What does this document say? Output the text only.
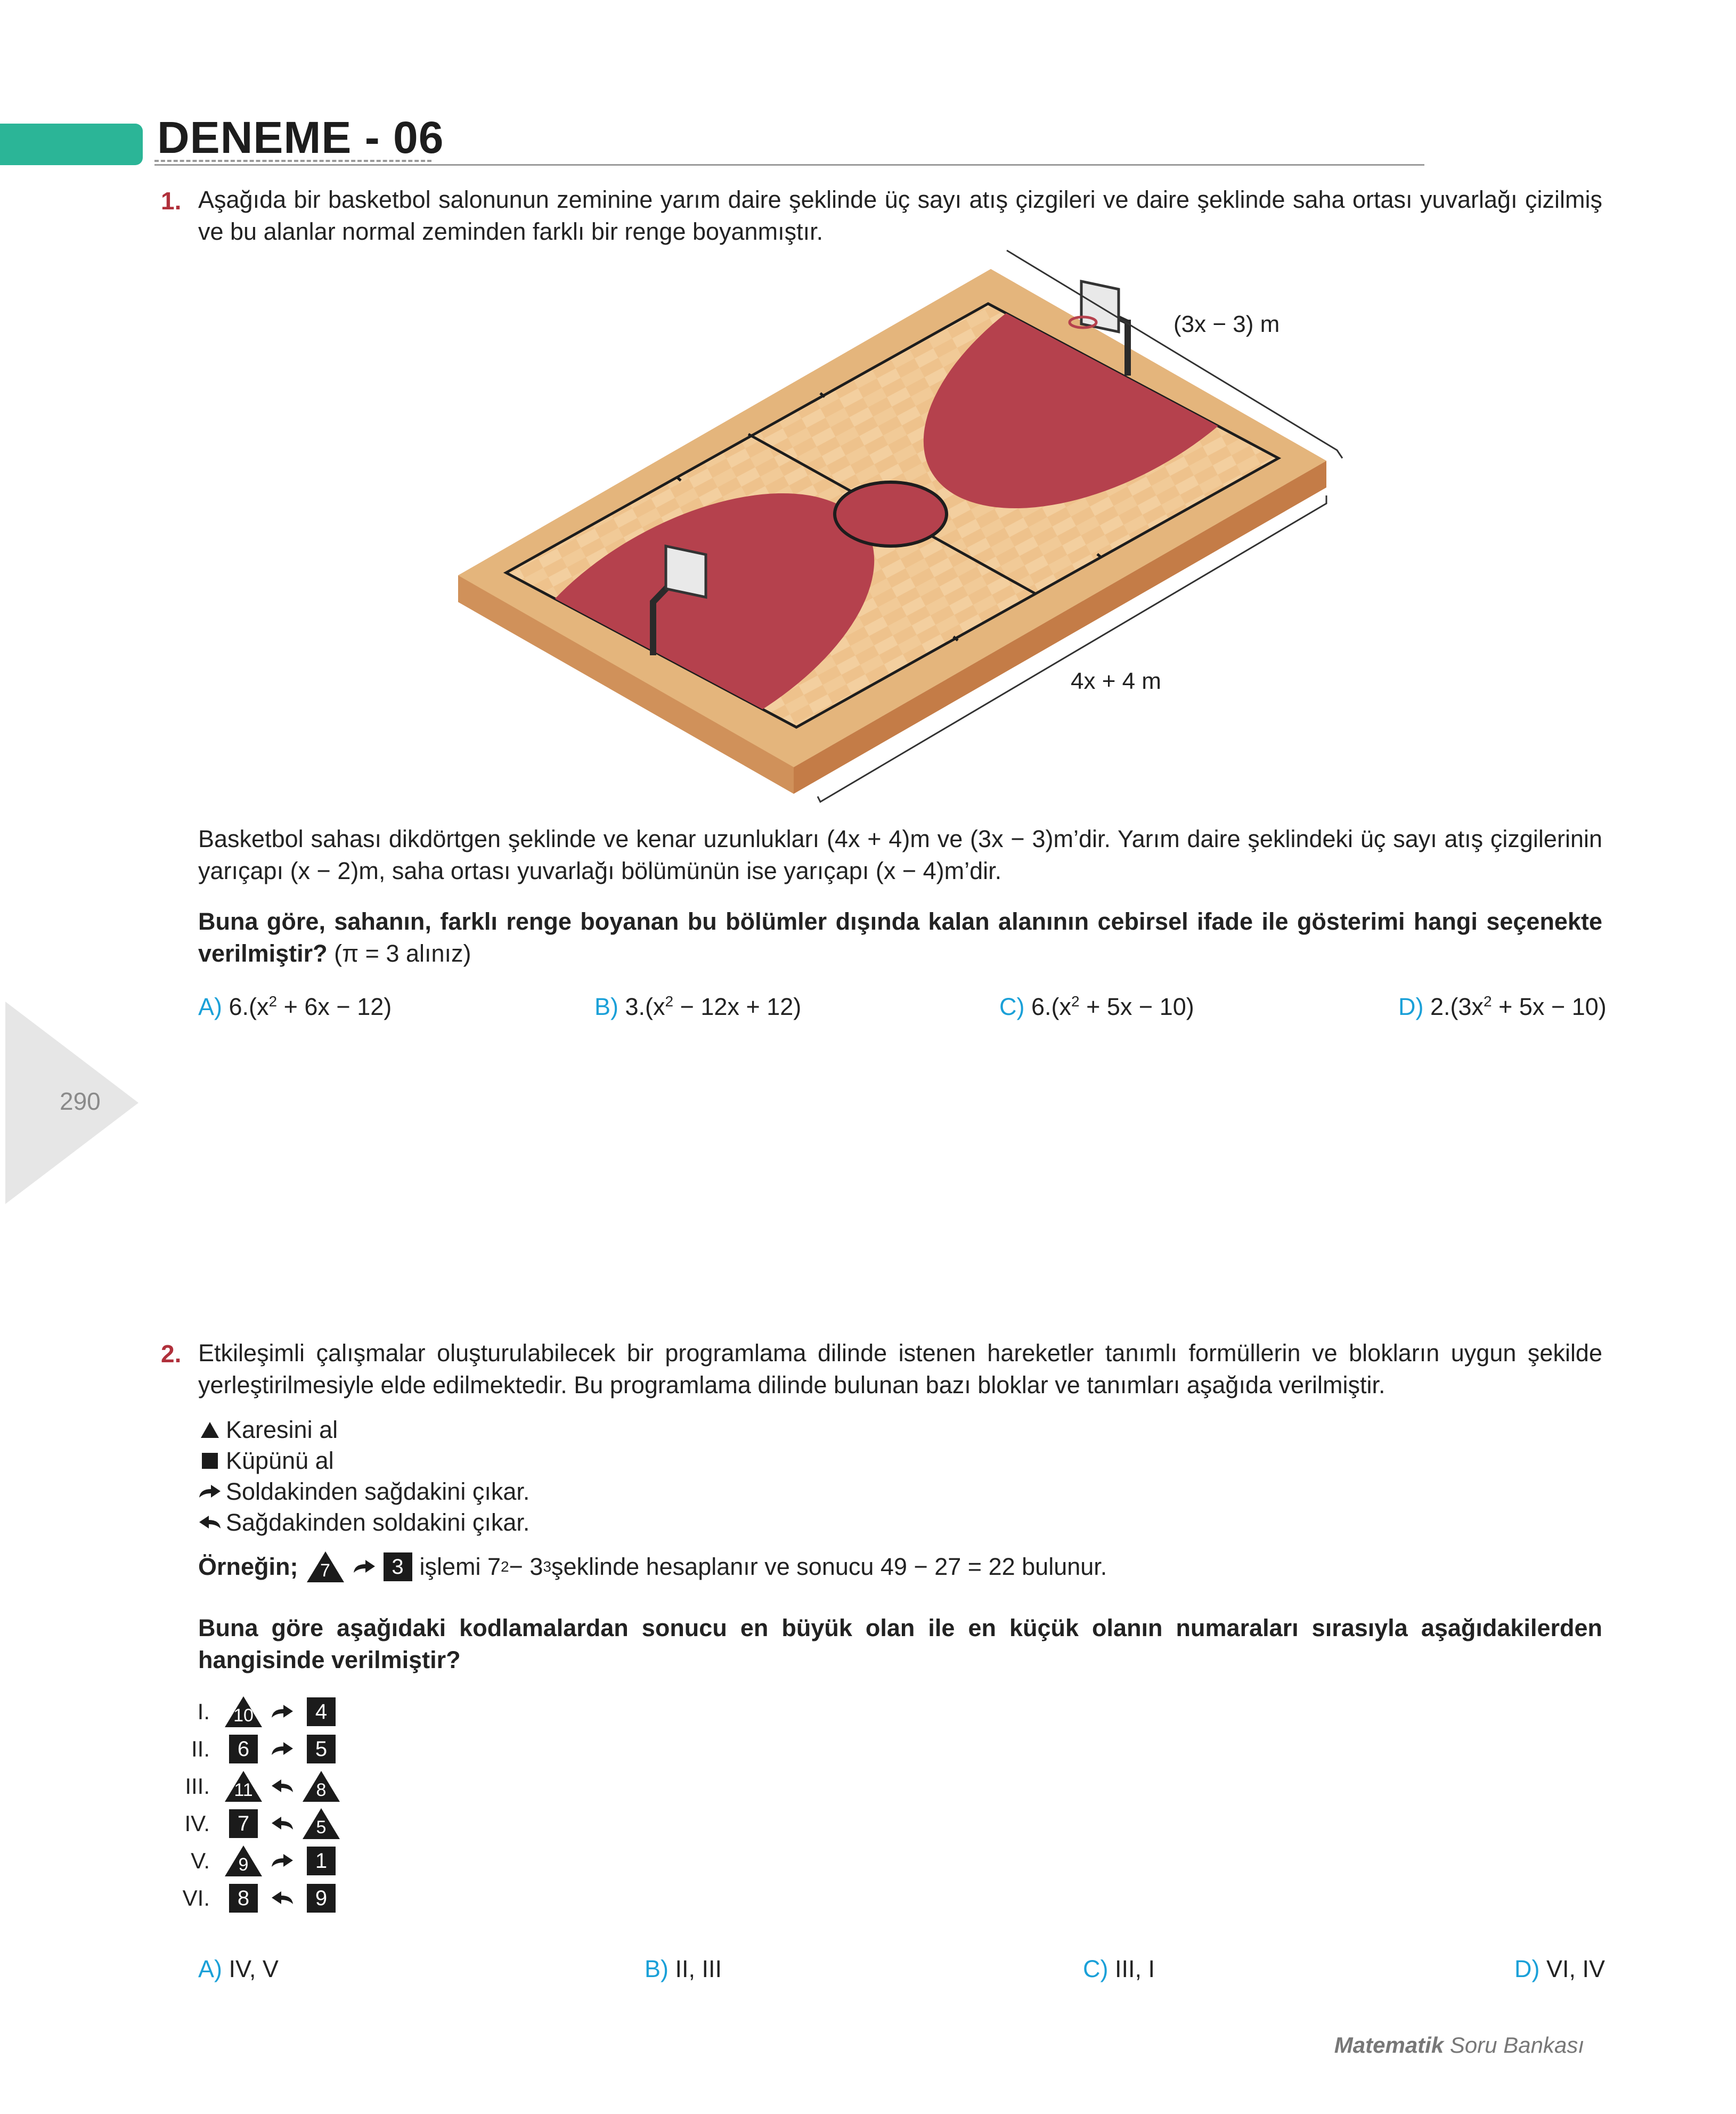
DENEME - 06
1. Aşağıda bir basketbol salonunun zeminine yarım daire şeklinde üç sayı atış çizgileri ve daire şeklinde saha ortası yuvarlağı çizilmiş ve bu alanlar normal zeminden farklı bir renge boyanmıştır.
(3x − 3) m
4x + 4 m
Basketbol sahası dikdörtgen şeklinde ve kenar uzunlukları (4x + 4)m ve (3x − 3)m’dir. Yarım daire şeklindeki üç sayı atış çizgilerinin yarıçapı (x − 2)m, saha ortası yuvarlağı bölümünün ise yarıçapı (x − 4)m’dir.
Buna göre, sahanın, farklı renge boyanan bu bölümler dışında kalan alanının cebirsel ifade ile gösterimi hangi seçenekte verilmiştir? (π = 3 alınız)
A) $6.(x^2 + 6x - 12)$	B) $3.(x^2 - 12x + 12)$	C) $6.(x^2 + 5x - 10)$	D) $2.(3x^2 + 5x - 10)$
290
2. Etkileşimli çalışmalar oluşturulabilecek bir programlama dilinde istenen hareketler tanımlı formüllerin ve blokların uygun şekilde yerleştirilmesiyle elde edilmektedir. Bu programlama dilinde bulunan bazı bloklar ve tanımları aşağıda verilmiştir.
Karesini al
Küpünü al
Soldakinden sağdakini çıkar.
Sağdakinden soldakini çıkar.
Örneğin;	7	3 işlemi 7 2 − 3 3 şeklinde hesaplanır ve sonucu 49 − 27 = 22 bulunur.
Buna göre aşağıdaki kodlamalardan sonucu en büyük olan ile en küçük olanın numaraları sırasıyla aşağıdakilerden hangisinde verilmiştir?
I.	10	4
II.	6	5
III.	11	8
IV.	7	5
V.	9	1
VI.	8	9
A) IV, V	B) II, III	C) III, I	D) VI, IV
Matematik Soru Bankası
